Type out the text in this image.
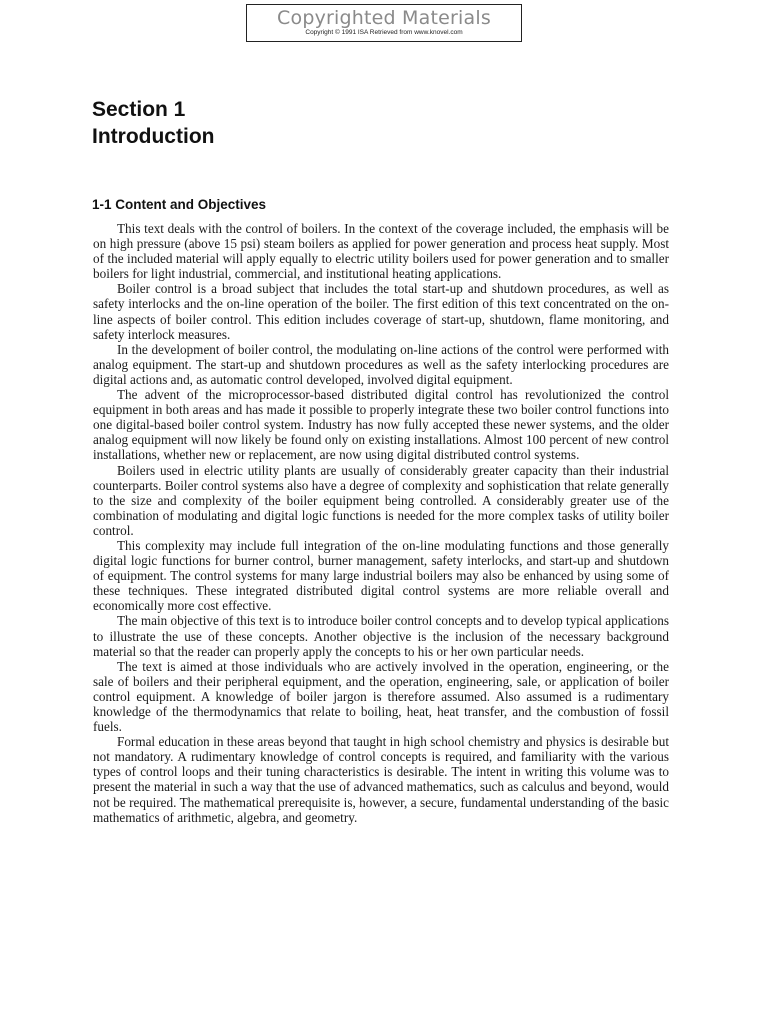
Copyrighted Materials
Copyright © 1991 ISA Retrieved from www.knovel.com
Section 1
Introduction
1-1 Content and Objectives

This text deals with the control of boilers. In the context of the coverage included, the emphasis will be on high pressure (above 15 psi) steam boilers as applied for power generation and process heat supply. Most of the included material will apply equally to electric utility boilers used for power generation and to smaller boilers for light industrial, commercial, and institutional heating applications.

Boiler control is a broad subject that includes the total start-up and shutdown procedures, as well as safety interlocks and the on-line operation of the boiler. The first edition of this text concentrated on the on-line aspects of boiler control. This edition includes coverage of start-up, shutdown, flame monitoring, and safety interlock measures.

In the development of boiler control, the modulating on-line actions of the control were performed with analog equipment. The start-up and shutdown procedures as well as the safety interlocking procedures are digital actions and, as automatic control developed, involved digital equipment.

The advent of the microprocessor-based distributed digital control has revolutionized the control equipment in both areas and has made it possible to properly integrate these two boiler control functions into one digital-based boiler control system. Industry has now fully accepted these newer systems, and the older analog equipment will now likely be found only on existing installations. Almost 100 percent of new control installations, whether new or replacement, are now using digital distributed control systems.

Boilers used in electric utility plants are usually of considerably greater capacity than their industrial counterparts. Boiler control systems also have a degree of complexity and sophistication that relate generally to the size and complexity of the boiler equipment being controlled. A considerably greater use of the combination of modulating and digital logic functions is needed for the more complex tasks of utility boiler control.

This complexity may include full integration of the on-line modulating functions and those generally digital logic functions for burner control, burner management, safety interlocks, and start-up and shutdown of equipment. The control systems for many large industrial boilers may also be enhanced by using some of these techniques. These integrated distributed digital control systems are more reliable overall and economically more cost effective.

The main objective of this text is to introduce boiler control concepts and to develop typical applications to illustrate the use of these concepts. Another objective is the inclusion of the necessary background material so that the reader can properly apply the concepts to his or her own particular needs.

The text is aimed at those individuals who are actively involved in the operation, engineering, or the sale of boilers and their peripheral equipment, and the operation, engineering, sale, or application of boiler control equipment. A knowledge of boiler jargon is therefore assumed. Also assumed is a rudimentary knowledge of the thermodynamics that relate to boiling, heat, heat transfer, and the combustion of fossil fuels.

Formal education in these areas beyond that taught in high school chemistry and physics is desirable but not mandatory. A rudimentary knowledge of control concepts is required, and familiarity with the various types of control loops and their tuning characteristics is desirable. The intent in writing this volume was to present the material in such a way that the use of advanced mathematics, such as calculus and beyond, would not be required. The mathematical prerequisite is, however, a secure, fundamental understanding of the basic mathematics of arithmetic, algebra, and geometry.
